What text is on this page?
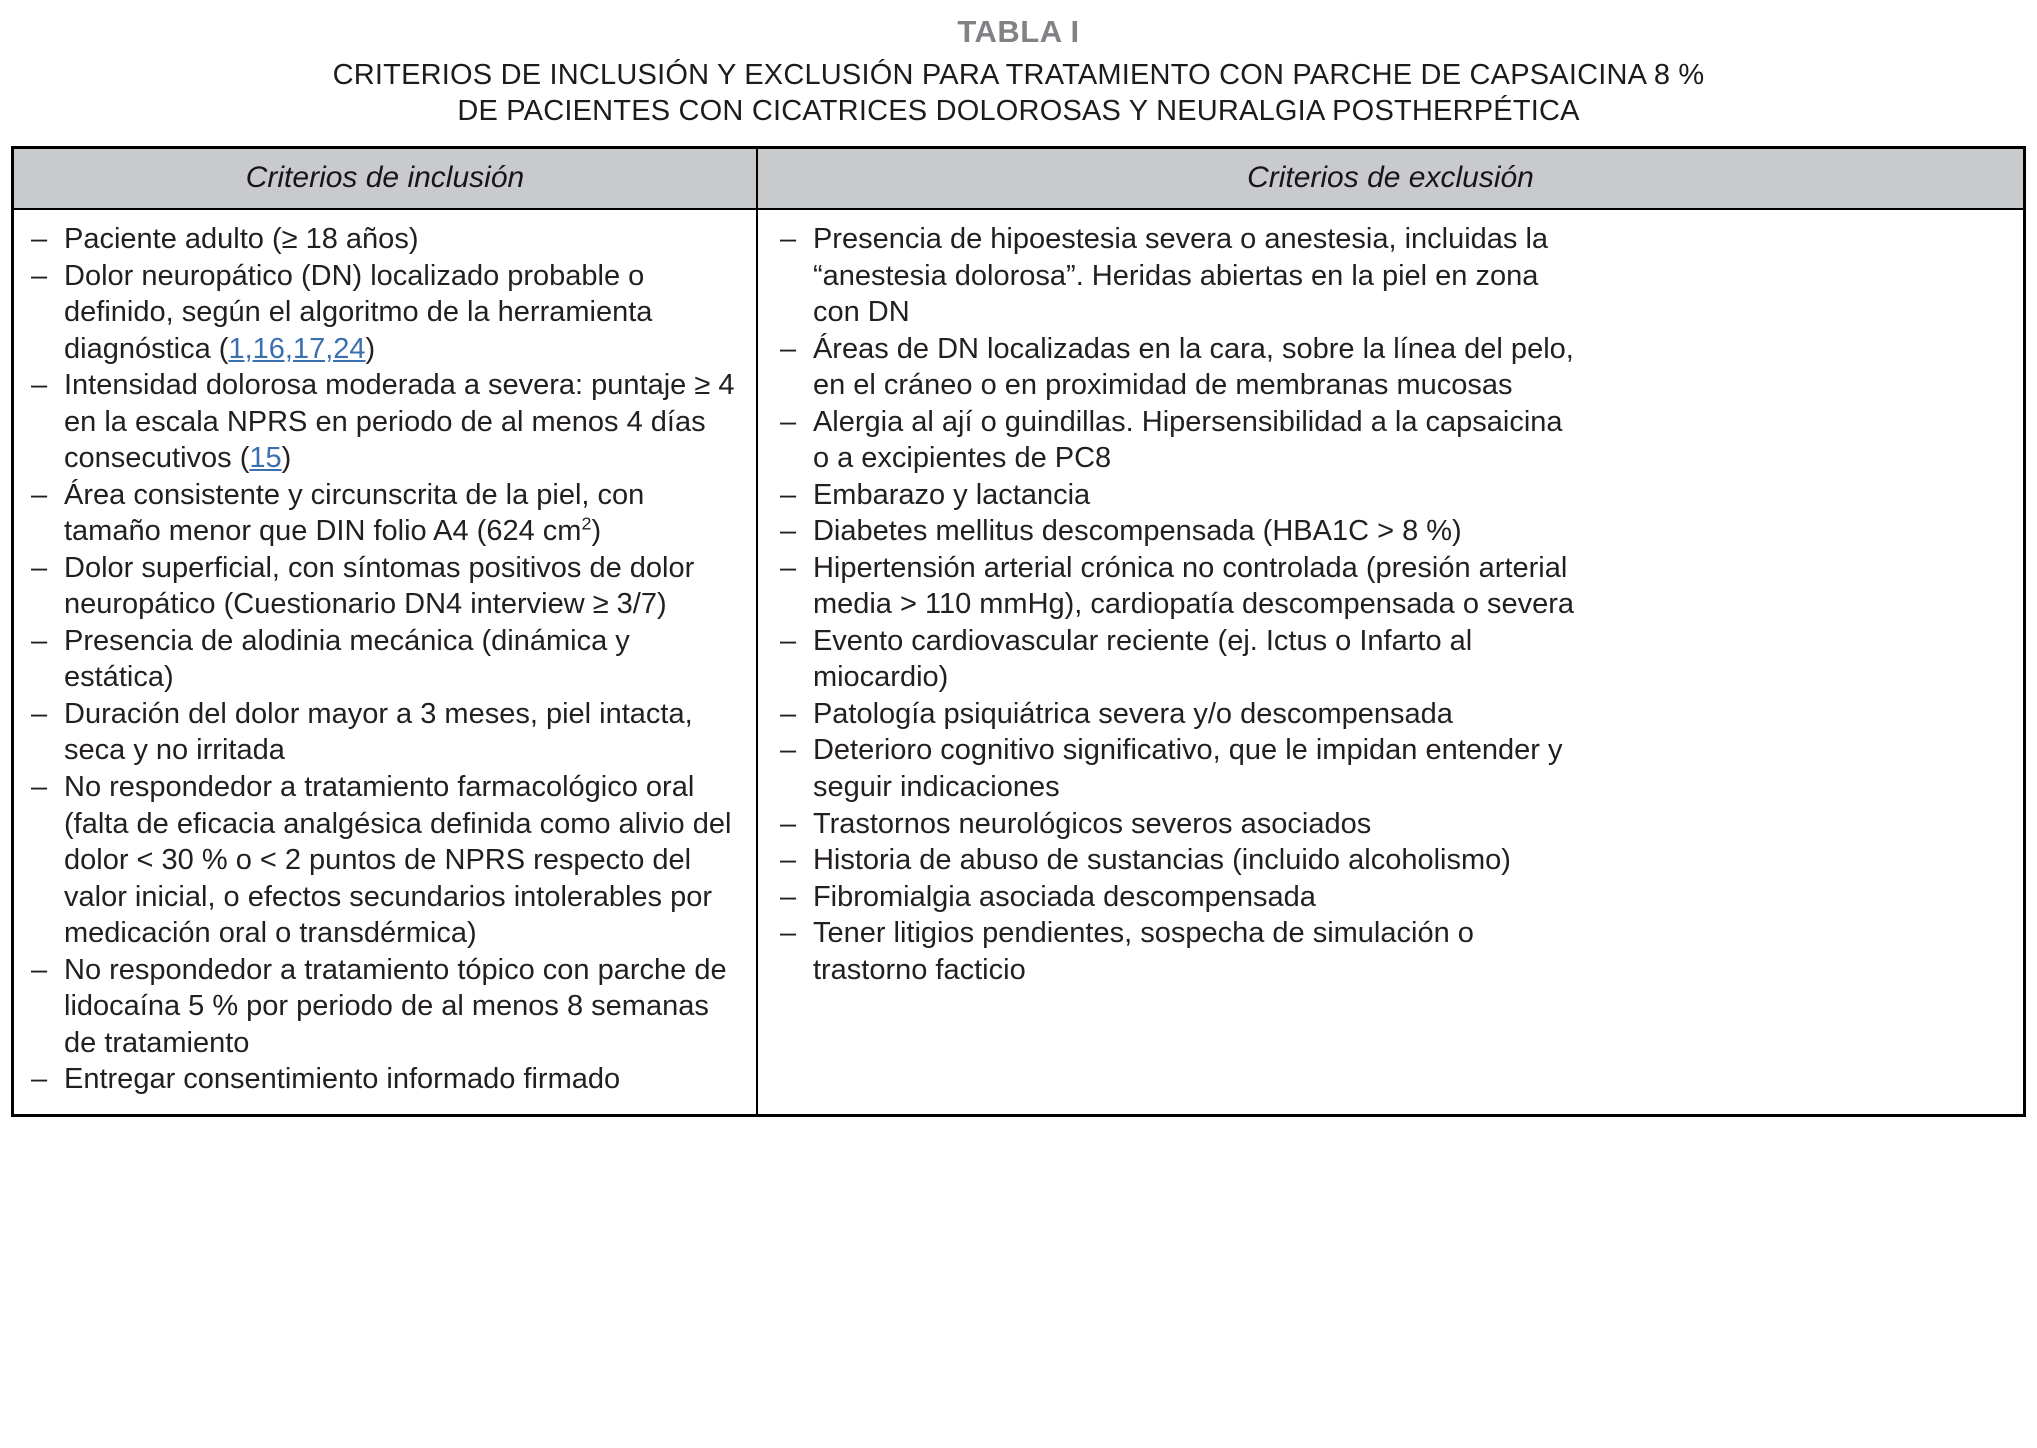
TABLA I
CRITERIOS DE INCLUSIÓN Y EXCLUSIÓN PARA TRATAMIENTO CON PARCHE DE CAPSAICINA 8 %
DE PACIENTES CON CICATRICES DOLOROSAS Y NEURALGIA POSTHERPÉTICA
Criterios de inclusión	Criterios de exclusión

– Paciente adulto (≥ 18 años)
– Dolor neuropático (DN) localizado probable o definido, según el algoritmo de la herramienta diagnóstica (1,16,17,24)
– Intensidad dolorosa moderada a severa: puntaje ≥ 4 en la escala NPRS en periodo de al menos 4 días consecutivos (15)
– Área consistente y circunscrita de la piel, con tamaño menor que DIN folio A4 (624 $cm^2$)
– Dolor superficial, con síntomas positivos de dolor neuropático (Cuestionario DN4 interview ≥ 3/7)
– Presencia de alodinia mecánica (dinámica y estática)
– Duración del dolor mayor a 3 meses, piel intacta, seca y no irritada
– No respondedor a tratamiento farmacológico oral (falta de eficacia analgésica definida como alivio del dolor < 30 % o < 2 puntos de NPRS respecto del valor inicial, o efectos secundarios intolerables por medicación oral o transdérmica)
– No respondedor a tratamiento tópico con parche de lidocaína 5 % por periodo de al menos 8 semanas de tratamiento
– Entregar consentimiento informado firmado

– Presencia de hipoestesia severa o anestesia, incluidas la “anestesia dolorosa”. Heridas abiertas en la piel en zona con DN
– Áreas de DN localizadas en la cara, sobre la línea del pelo, en el cráneo o en proximidad de membranas mucosas
– Alergia al ají o guindillas. Hipersensibilidad a la capsaicina o a excipientes de PC8
– Embarazo y lactancia
– Diabetes mellitus descompensada (HBA1C > 8 %)
– Hipertensión arterial crónica no controlada (presión arterial media > 110 mmHg), cardiopatía descompensada o severa
– Evento cardiovascular reciente (ej. Ictus o Infarto al miocardio)
– Patología psiquiátrica severa y/o descompensada
– Deterioro cognitivo significativo, que le impidan entender y seguir indicaciones
– Trastornos neurológicos severos asociados
– Historia de abuso de sustancias (incluido alcoholismo)
– Fibromialgia asociada descompensada
– Tener litigios pendientes, sospecha de simulación o trastorno facticio
